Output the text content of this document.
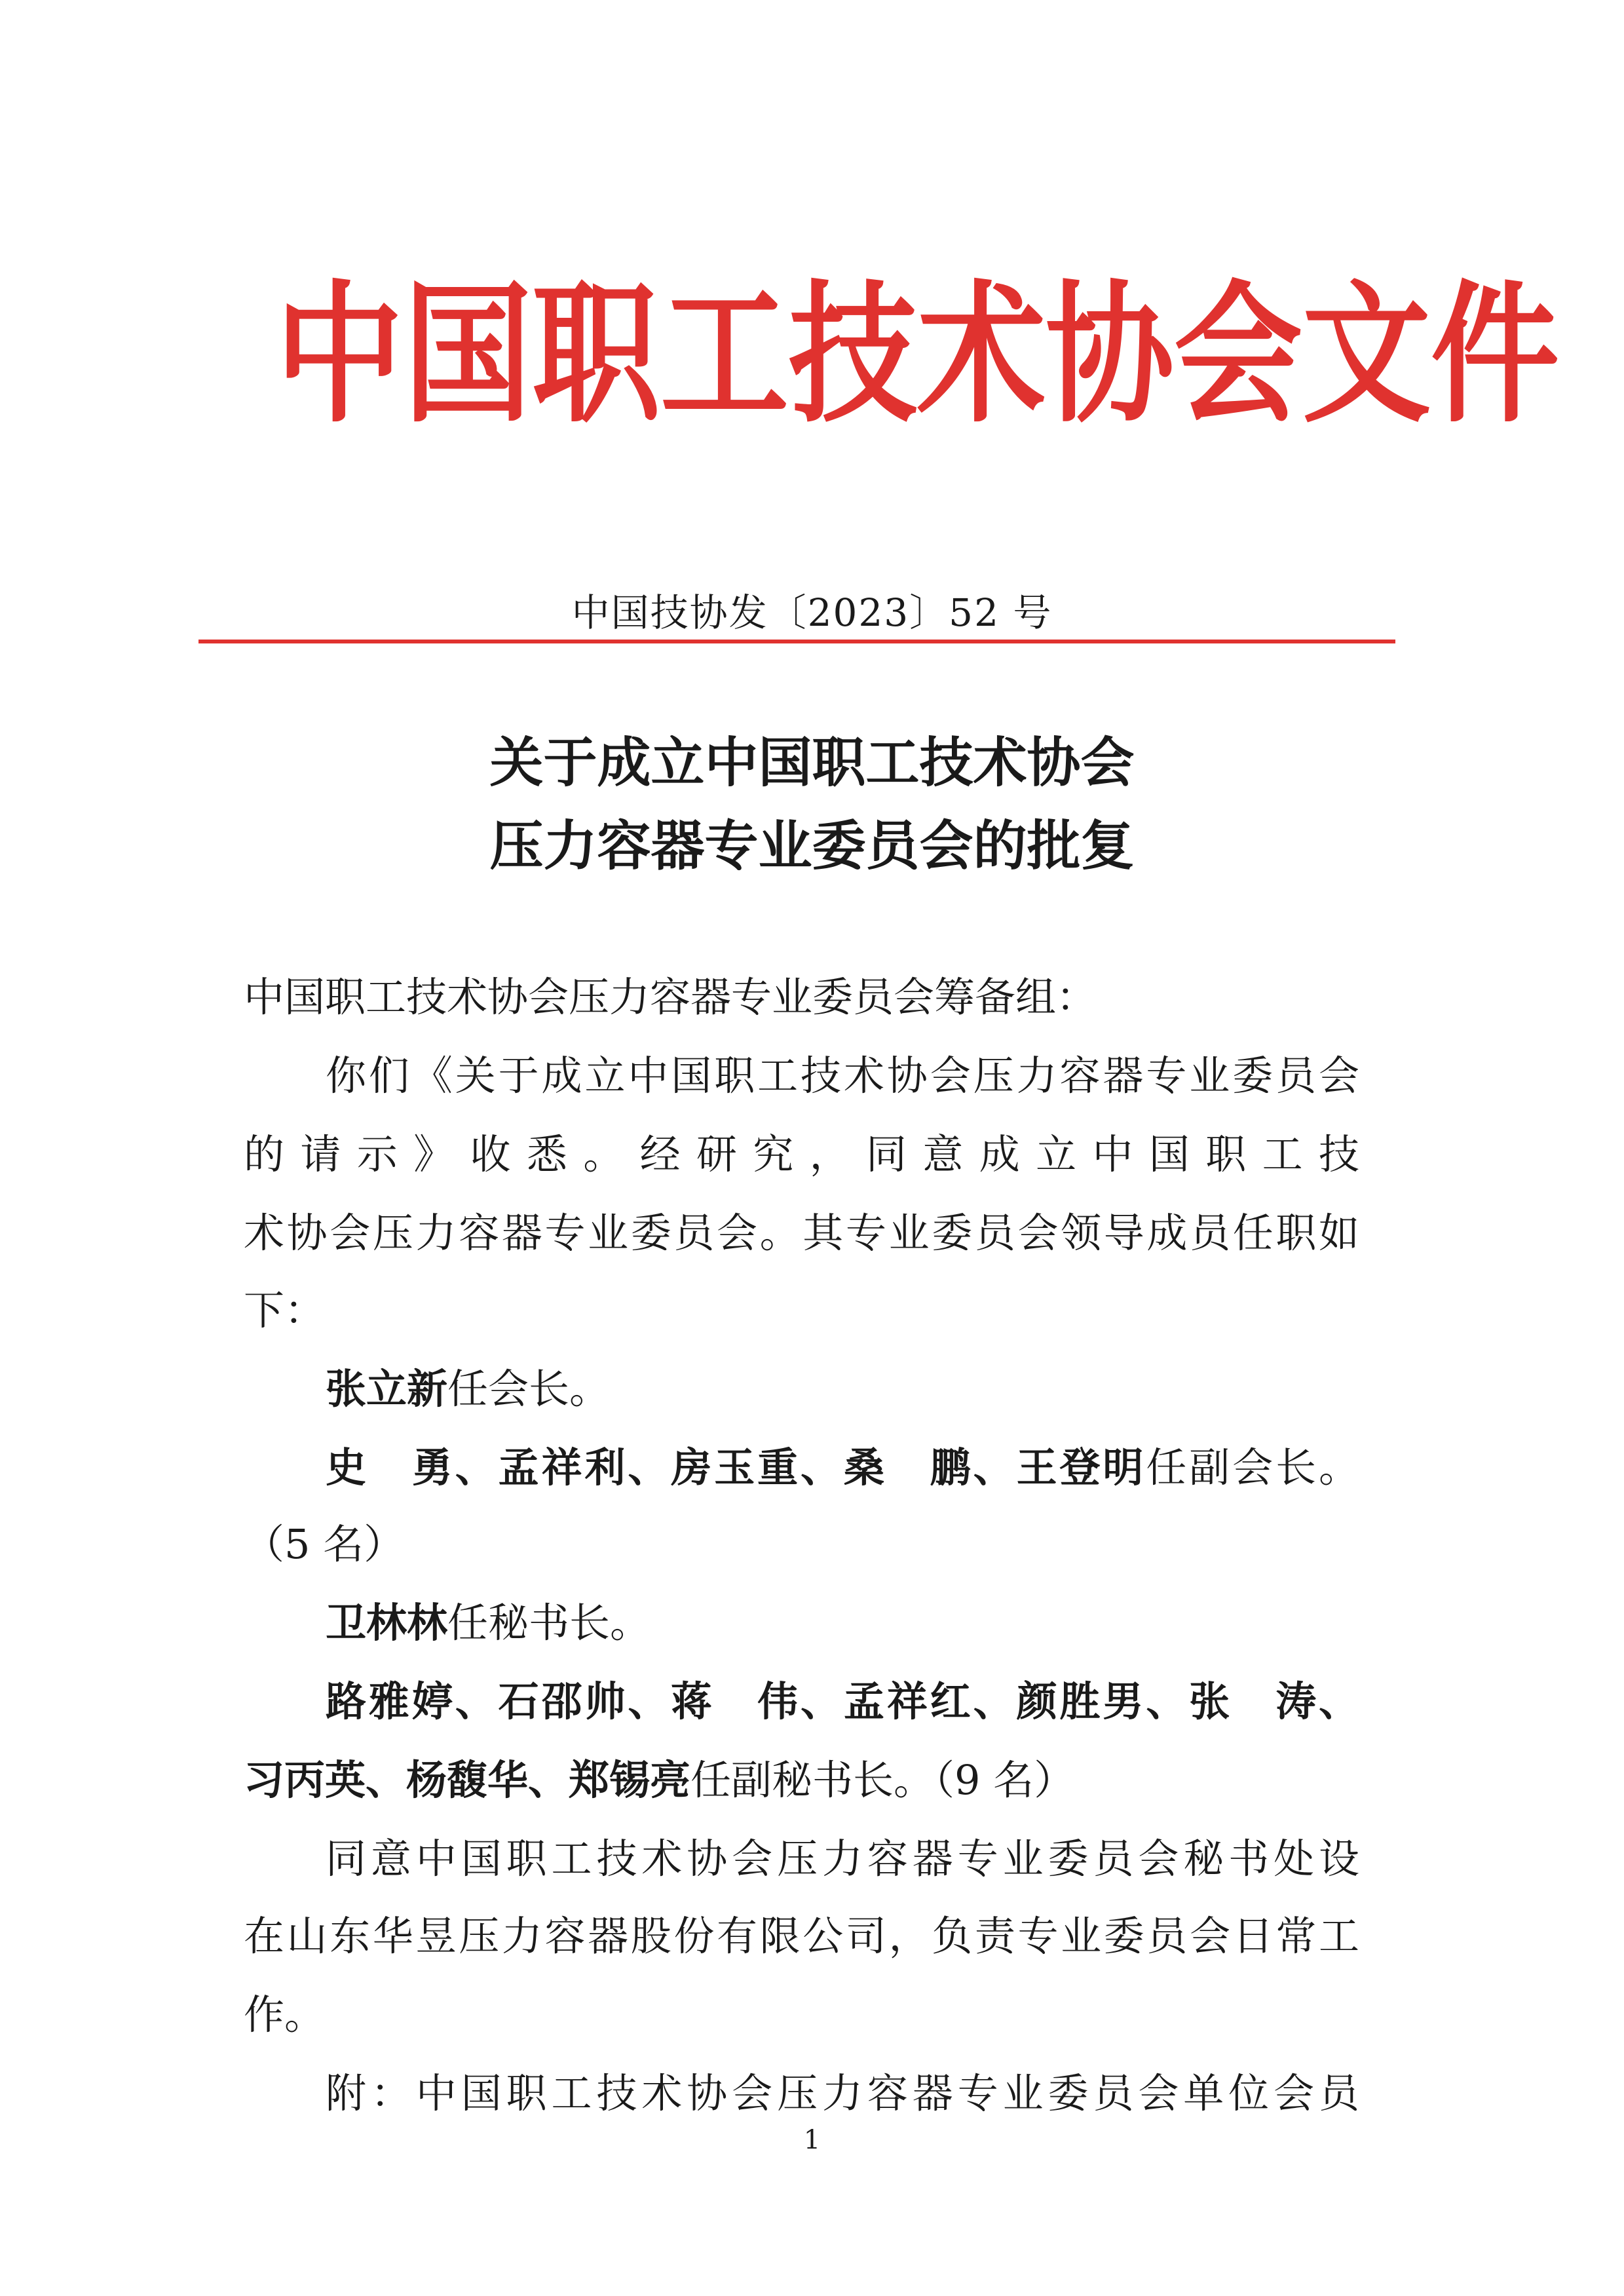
中国职工技术协会文件
中国技协发〔2023〕52 号
关于成立中国职工技术协会
压力容器专业委员会的批复
中国职工技术协会压力容器专业委员会筹备组：
你们《关于成立中国职工技术协会压力容器专业委员会
的请示》收悉。经研究，同意成立中国职工技
术协会压力容器专业委员会。其专业委员会领导成员任职如
下：
张立新任会长。
史　勇、孟祥利、房玉重、桑　鹏、王登明任副会长。
（5 名）
卫林林任秘书长。
路雅婷、石邵帅、蒋　伟、孟祥红、颜胜男、张　涛、
习丙英、杨馥华、郑锡亮任副秘书长。（9 名）
同意中国职工技术协会压力容器专业委员会秘书处设
在山东华昱压力容器股份有限公司，负责专业委员会日常工
作。
附：中国职工技术协会压力容器专业委员会单位会员
1
